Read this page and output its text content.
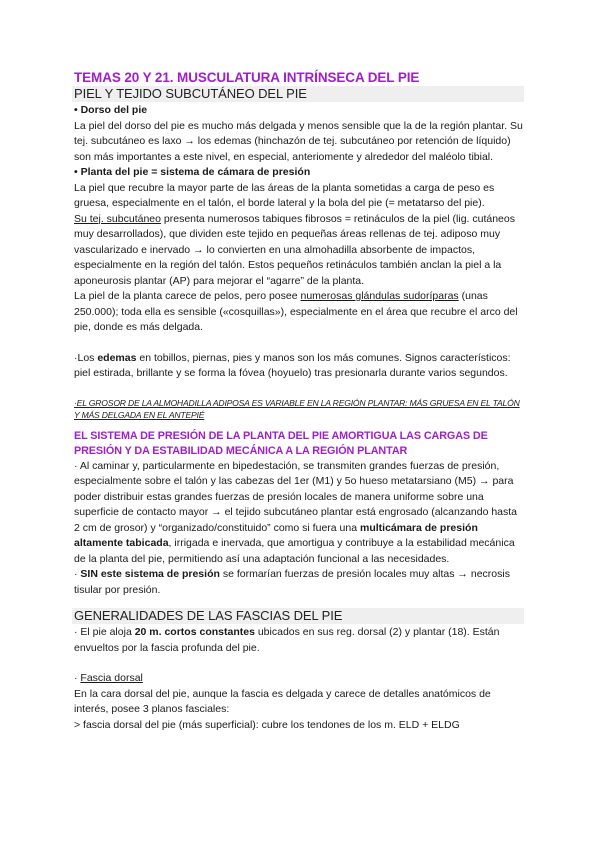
TEMAS 20 Y 21. MUSCULATURA INTRÍNSECA DEL PIE
PIEL Y TEJIDO SUBCUTÁNEO DEL PIE

• Dorso del pie

La piel del dorso del pie es mucho más delgada y menos sensible que la de la región plantar. Su tej. subcutáneo es laxo → los edemas (hinchazón de tej. subcutáneo por retención de líquido) son más importantes a este nivel, en especial, anteriomente y alrededor del maléolo tibial.

• Planta del pie = sistema de cámara de presión

La piel que recubre la mayor parte de las áreas de la planta sometidas a carga de peso es gruesa, especialmente en el talón, el borde lateral y la bola del pie (= metatarso del pie).

Su tej. subcutáneo presenta numerosos tabiques fibrosos = retináculos de la piel (lig. cutáneos muy desarrollados), que dividen este tejido en pequeñas áreas rellenas de tej. adiposo muy vascularizado e inervado → lo convierten en una almohadilla absorbente de impactos, especialmente en la región del talón. Estos pequeños retináculos también anclan la piel a la aponeurosis plantar (AP) para mejorar el “agarre” de la planta.

La piel de la planta carece de pelos, pero posee numerosas glándulas sudoríparas (unas 250.000); toda ella es sensible («cosquillas»), especialmente en el área que recubre el arco del pie, donde es más delgada.

·Los edemas en tobillos, piernas, pies y manos son los más comunes. Signos característicos: piel estirada, brillante y se forma la fóvea (hoyuelo) tras presionarla durante varios segundos.

·EL GROSOR DE LA ALMOHADILLA ADIPOSA ES VARIABLE EN LA REGIÓN PLANTAR: MÁS GRUESA EN EL TALÓN Y MÁS DELGADA EN EL ANTEPIÉ

EL SISTEMA DE PRESIÓN DE LA PLANTA DEL PIE AMORTIGUA LAS CARGAS DE PRESIÓN Y DA ESTABILIDAD MECÁNICA A LA REGIÓN PLANTAR

· Al caminar y, particularmente en bipedestación, se transmiten grandes fuerzas de presión, especialmente sobre el talón y las cabezas del 1er (M1) y 5o hueso metatarsiano (M5) → para poder distribuir estas grandes fuerzas de presión locales de manera uniforme sobre una superficie de contacto mayor → el tejido subcutáneo plantar está engrosado (alcanzando hasta 2 cm de grosor) y “organizado/constituido” como si fuera una multicámara de presión altamente tabicada, irrigada e inervada, que amortigua y contribuye a la estabilidad mecánica de la planta del pie, permitiendo así una adaptación funcional a las necesidades.

· SIN este sistema de presión se formarían fuerzas de presión locales muy altas → necrosis tisular por presión.

GENERALIDADES DE LAS FASCIAS DEL PIE

· El pie aloja 20 m. cortos constantes ubicados en sus reg. dorsal (2) y plantar (18). Están envueltos por la fascia profunda del pie.

· Fascia dorsal

En la cara dorsal del pie, aunque la fascia es delgada y carece de detalles anatómicos de interés, posee 3 planos fasciales:

> fascia dorsal del pie (más superficial): cubre los tendones de los m. ELD + ELDG
